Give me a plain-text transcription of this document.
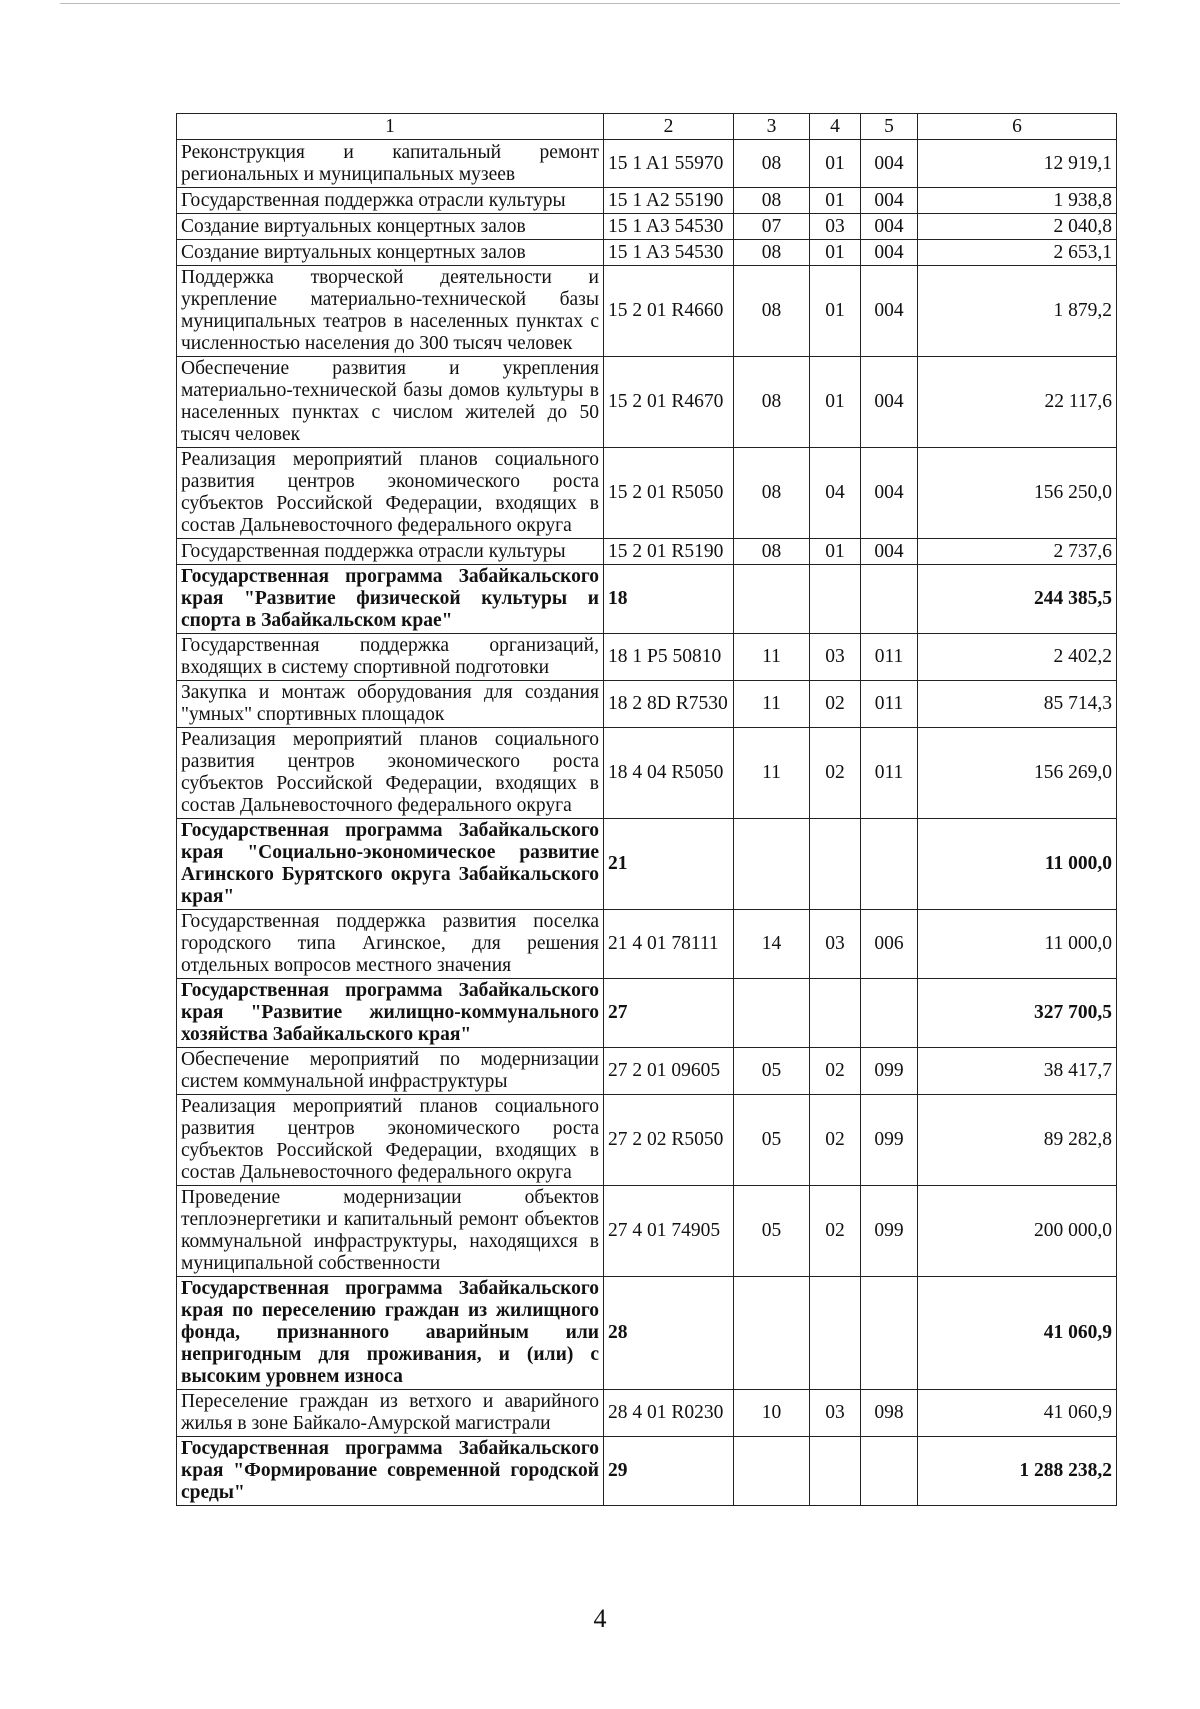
1	2	3	4	5	6
Реконструкция и капитальный ремонт региональных и муниципальных музеев	15 1 A1 55970	08	01	004	12 919,1
Государственная поддержка отрасли культуры	15 1 A2 55190	08	01	004	1 938,8
Создание виртуальных концертных залов	15 1 A3 54530	07	03	004	2 040,8
Создание виртуальных концертных залов	15 1 A3 54530	08	01	004	2 653,1
Поддержка творческой деятельности и укрепление материально-технической базы муниципальных театров в населенных пунктах с численностью населения до 300 тысяч человек	15 2 01 R4660	08	01	004	1 879,2
Обеспечение развития и укрепления материально-технической базы домов культуры в населенных пунктах с числом жителей до 50 тысяч человек	15 2 01 R4670	08	01	004	22 117,6
Реализация мероприятий планов социального развития центров экономического роста субъектов Российской Федерации, входящих в состав Дальневосточного федерального округа	15 2 01 R5050	08	04	004	156 250,0
Государственная поддержка отрасли культуры	15 2 01 R5190	08	01	004	2 737,6
Государственная программа Забайкальского края "Развитие физической культуры и спорта в Забайкальском крае"	18				244 385,5
Государственная поддержка организаций, входящих в систему спортивной подготовки	18 1 P5 50810	11	03	011	2 402,2
Закупка и монтаж оборудования для создания "умных" спортивных площадок	18 2 8D R7530	11	02	011	85 714,3
Реализация мероприятий планов социального развития центров экономического роста субъектов Российской Федерации, входящих в состав Дальневосточного федерального округа	18 4 04 R5050	11	02	011	156 269,0
Государственная программа Забайкальского края "Социально-экономическое развитие Агинского Бурятского округа Забайкальского края"	21				11 000,0
Государственная поддержка развития поселка городского типа Агинское, для решения отдельных вопросов местного значения	21 4 01 78111	14	03	006	11 000,0
Государственная программа Забайкальского края "Развитие жилищно-коммунального хозяйства Забайкальского края"	27				327 700,5
Обеспечение мероприятий по модернизации систем коммунальной инфраструктуры	27 2 01 09605	05	02	099	38 417,7
Реализация мероприятий планов социального развития центров экономического роста субъектов Российской Федерации, входящих в состав Дальневосточного федерального округа	27 2 02 R5050	05	02	099	89 282,8
Проведение модернизации объектов теплоэнергетики и капитальный ремонт объектов коммунальной инфраструктуры, находящихся в муниципальной собственности	27 4 01 74905	05	02	099	200 000,0
Государственная программа Забайкальского края по переселению граждан из жилищного фонда, признанного аварийным или непригодным для проживания, и (или) с высоким уровнем износа	28				41 060,9
Переселение граждан из ветхого и аварийного жилья в зоне Байкало-Амурской магистрали	28 4 01 R0230	10	03	098	41 060,9
Государственная программа Забайкальского края "Формирование современной городской среды"	29				1 288 238,2
4
